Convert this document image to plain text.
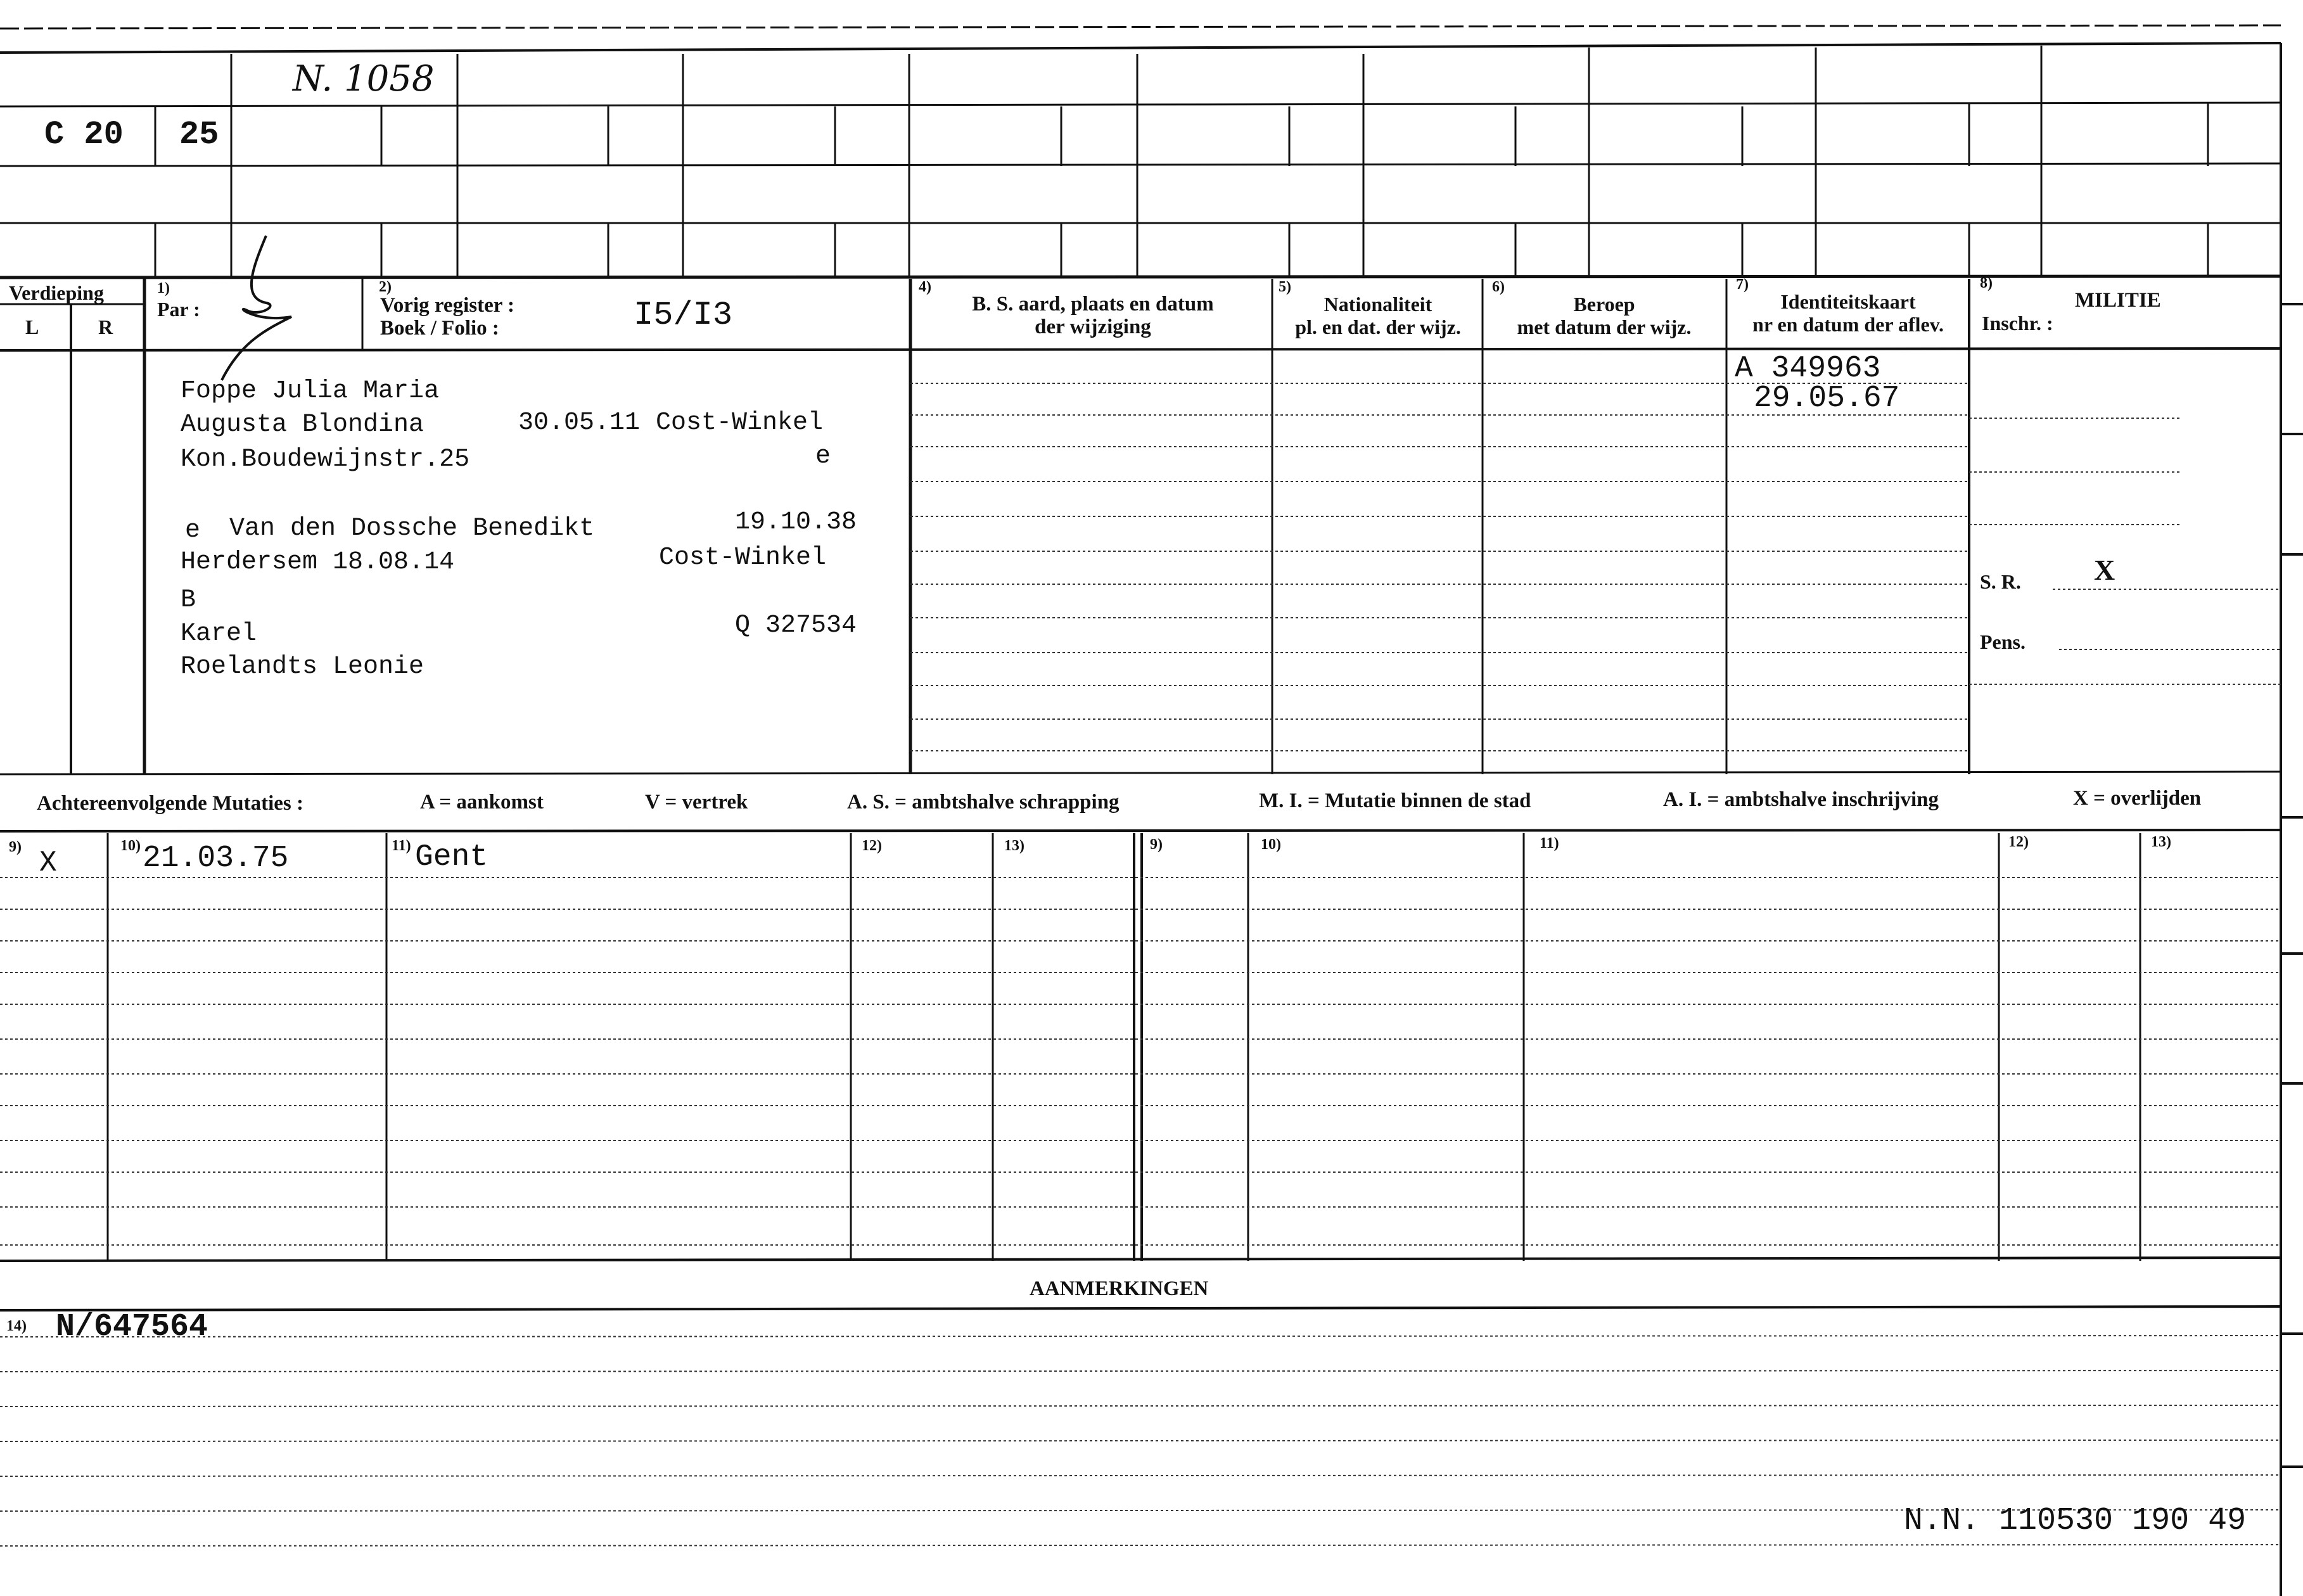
N. 1058
C 20 25
Verdieping
L	R
1)
Par :
2)
Vorig register :
Boek / Folio :	I5/I3
4)
B. S. aard, plaats en datum
der wijziging
5)
Nationaliteit
pl. en dat. der wijz.
6)
Beroep
met datum der wijz.
7)
Identiteitskaart
nr en datum der aflev.
8)
MILITIE
Inschr. :
Foppe Julia Maria
Augusta Blondina	30.05.11 Cost-Winkel
Kon.Boudewijnstr.25	e
e Van den Dossche Benedikt	19.10.38
Herdersem 18.08.14	Cost-Winkel
B
Karel	Q 327534
Roelandts Leonie
A 349963
29.05.67
S. R.	X
Pens.
Achtereenvolgende Mutaties :	A = aankomst	V = vertrek	A. S. = ambtshalve schrapping	M. I. = Mutatie binnen de stad	A. I. = ambtshalve inschrijving	X = overlijden
9)	10)	11)	12)	13)	9)	10)	11)	12)	13)
X	21.03.75	Gent
AANMERKINGEN
14) N/647564
N.N. 110530 190 49
